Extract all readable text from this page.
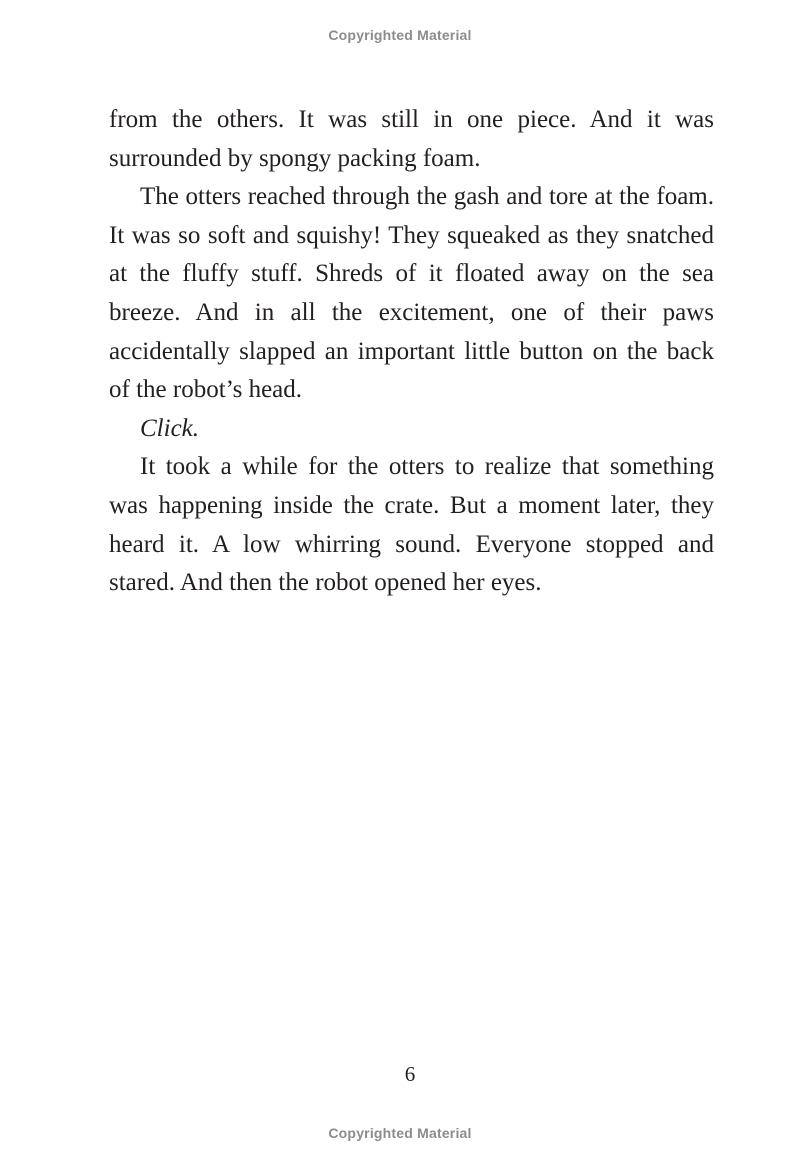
Copyrighted Material

from the others. It was still in one piece. And it was surrounded by spongy packing foam.

The otters reached through the gash and tore at the foam. It was so soft and squishy! They squeaked as they snatched at the fluffy stuff. Shreds of it floated away on the sea breeze. And in all the excitement, one of their paws accidentally slapped an important little button on the back of the robot’s head.

Click.

It took a while for the otters to realize that something was happening inside the crate. But a moment later, they heard it. A low whirring sound. Everyone stopped and stared. And then the robot opened her eyes.

6
Copyrighted Material
